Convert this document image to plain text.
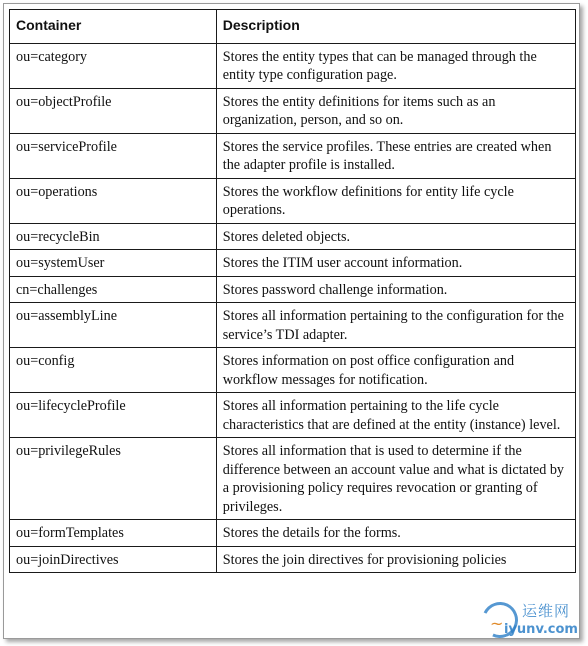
Container	Description
ou=category	Stores the entity types that can be managed through the entity type configuration page.
ou=objectProfile	Stores the entity definitions for items such as an organization, person, and so on.
ou=serviceProfile	Stores the service profiles. These entries are created when the adapter profile is installed.
ou=operations	Stores the workflow definitions for entity life cycle operations.
ou=recycleBin	Stores deleted objects.
ou=systemUser	Stores the ITIM user account information.
cn=challenges	Stores password challenge information.
ou=assemblyLine	Stores all information pertaining to the configuration for the service’s TDI adapter.
ou=config	Stores information on post office configuration and workflow messages for notification.
ou=lifecycleProfile	Stores all information pertaining to the life cycle characteristics that are defined at the entity (instance) level.
ou=privilegeRules	Stores all information that is used to determine if the difference between an account value and what is dictated by a provisioning policy requires revocation or granting of privileges.
ou=formTemplates	Stores the details for the forms.
ou=joinDirectives	Stores the join directives for provisioning policies
~
运维网
iyunv.com
